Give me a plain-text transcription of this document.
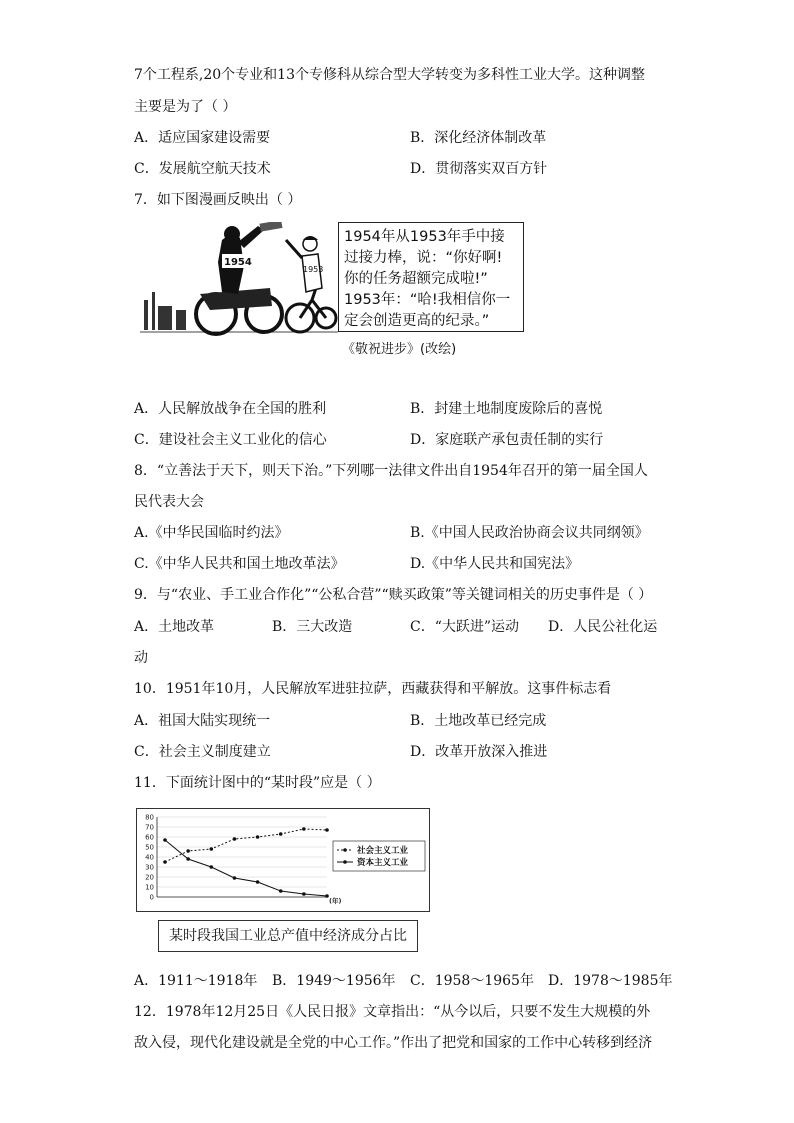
7个工程系,20个专业和13个专修科从综合型大学转变为多科性工业大学。这种调整
主要是为了（ ）
A．适应国家建设需要	B．深化经济体制改革
C．发展航空航天技术	D．贯彻落实双百方针
7．如下图漫画反映出（ ）
1954
1953
1954年从1953年手中接
过接力棒，说：“你好啊!
你的任务超额完成啦!”
1953年：“哈!我相信你一
定会创造更高的纪录。”
《敬祝进步》(改绘)
A．人民解放战争在全国的胜利	B．封建土地制度废除后的喜悦
C．建设社会主义工业化的信心	D．家庭联产承包责任制的实行
8．“立善法于天下，则天下治。”下列哪一法律文件出自1954年召开的第一届全国人
民代表大会
A.《中华民国临时约法》	B.《中国人民政治协商会议共同纲领》
C.《中华人民共和国土地改革法》	D.《中华人民共和国宪法》
9．与“农业、手工业合作化”“公私合营”“赎买政策”等关键词相关的历史事件是（ ）
A．土地改革	B．三大改造	C．“大跃进”运动 D．人民公社化运
动
10．1951年10月，人民解放军进驻拉萨，西藏获得和平解放。这事件标志看
A．祖国大陆实现统一	B．土地改革已经完成
C．社会主义制度建立	D．改革开放深入推进
11．下面统计图中的“某时段”应是（ ）
0
10
20
30
40
50
60
70
80
(年)
社会主义工业
资本主义工业
某时段我国工业总产值中经济成分占比
A．1911～1918年 B．1949～1956年 C．1958～1965年 D．1978～1985年
12．1978年12月25日《人民日报》文章指出：“从今以后，只要不发生大规模的外
敌入侵，现代化建设就是全党的中心工作。”作出了把党和国家的工作中心转移到经济
